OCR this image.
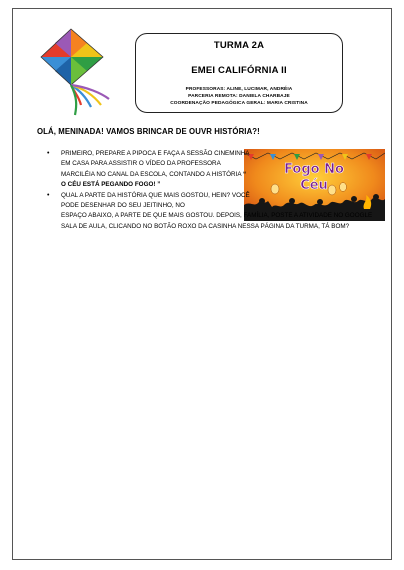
TURMA 2A
EMEI CALIFÓRNIA II
PROFESSORAS: ALINE, LUCIMAR, ANDRÉIA
PARCERIA REMOTA: DANIELA CHARBAJE
COORDENAÇÃO PEDAGÓGICA GERAL: MARIA CRISTINA
Fogo No
Céu
OLÁ, MENINADA! VAMOS BRINCAR DE OUVR HISTÓRIA?!
• PRIMEIRO, PREPARE A PIPOCA E FAÇA A SESSÃO CINEMINHA EM CASA PARA ASSISTIR O VÍDEO DA PROFESSORA MARCILÉIA NO CANAL DA ESCOLA, CONTANDO A HISTÓRIA “ O CÉU ESTÁ PEGANDO FOGO! ”
• QUAL A PARTE DA HISTÓRIA QUE MAIS GOSTOU, HEIN? VOCÊ PODE DESENHAR DO SEU JEITINHO, NO
ESPAÇO ABAIXO, A PARTE DE QUE MAIS GOSTOU. DEPOIS, FAMÍLIA, POSTE A ATIVIDADE NO GOOGLE SALA DE AULA, CLICANDO NO BOTÃO ROXO DA CASINHA NESSA PÁGINA DA TURMA, TÁ BOM?
